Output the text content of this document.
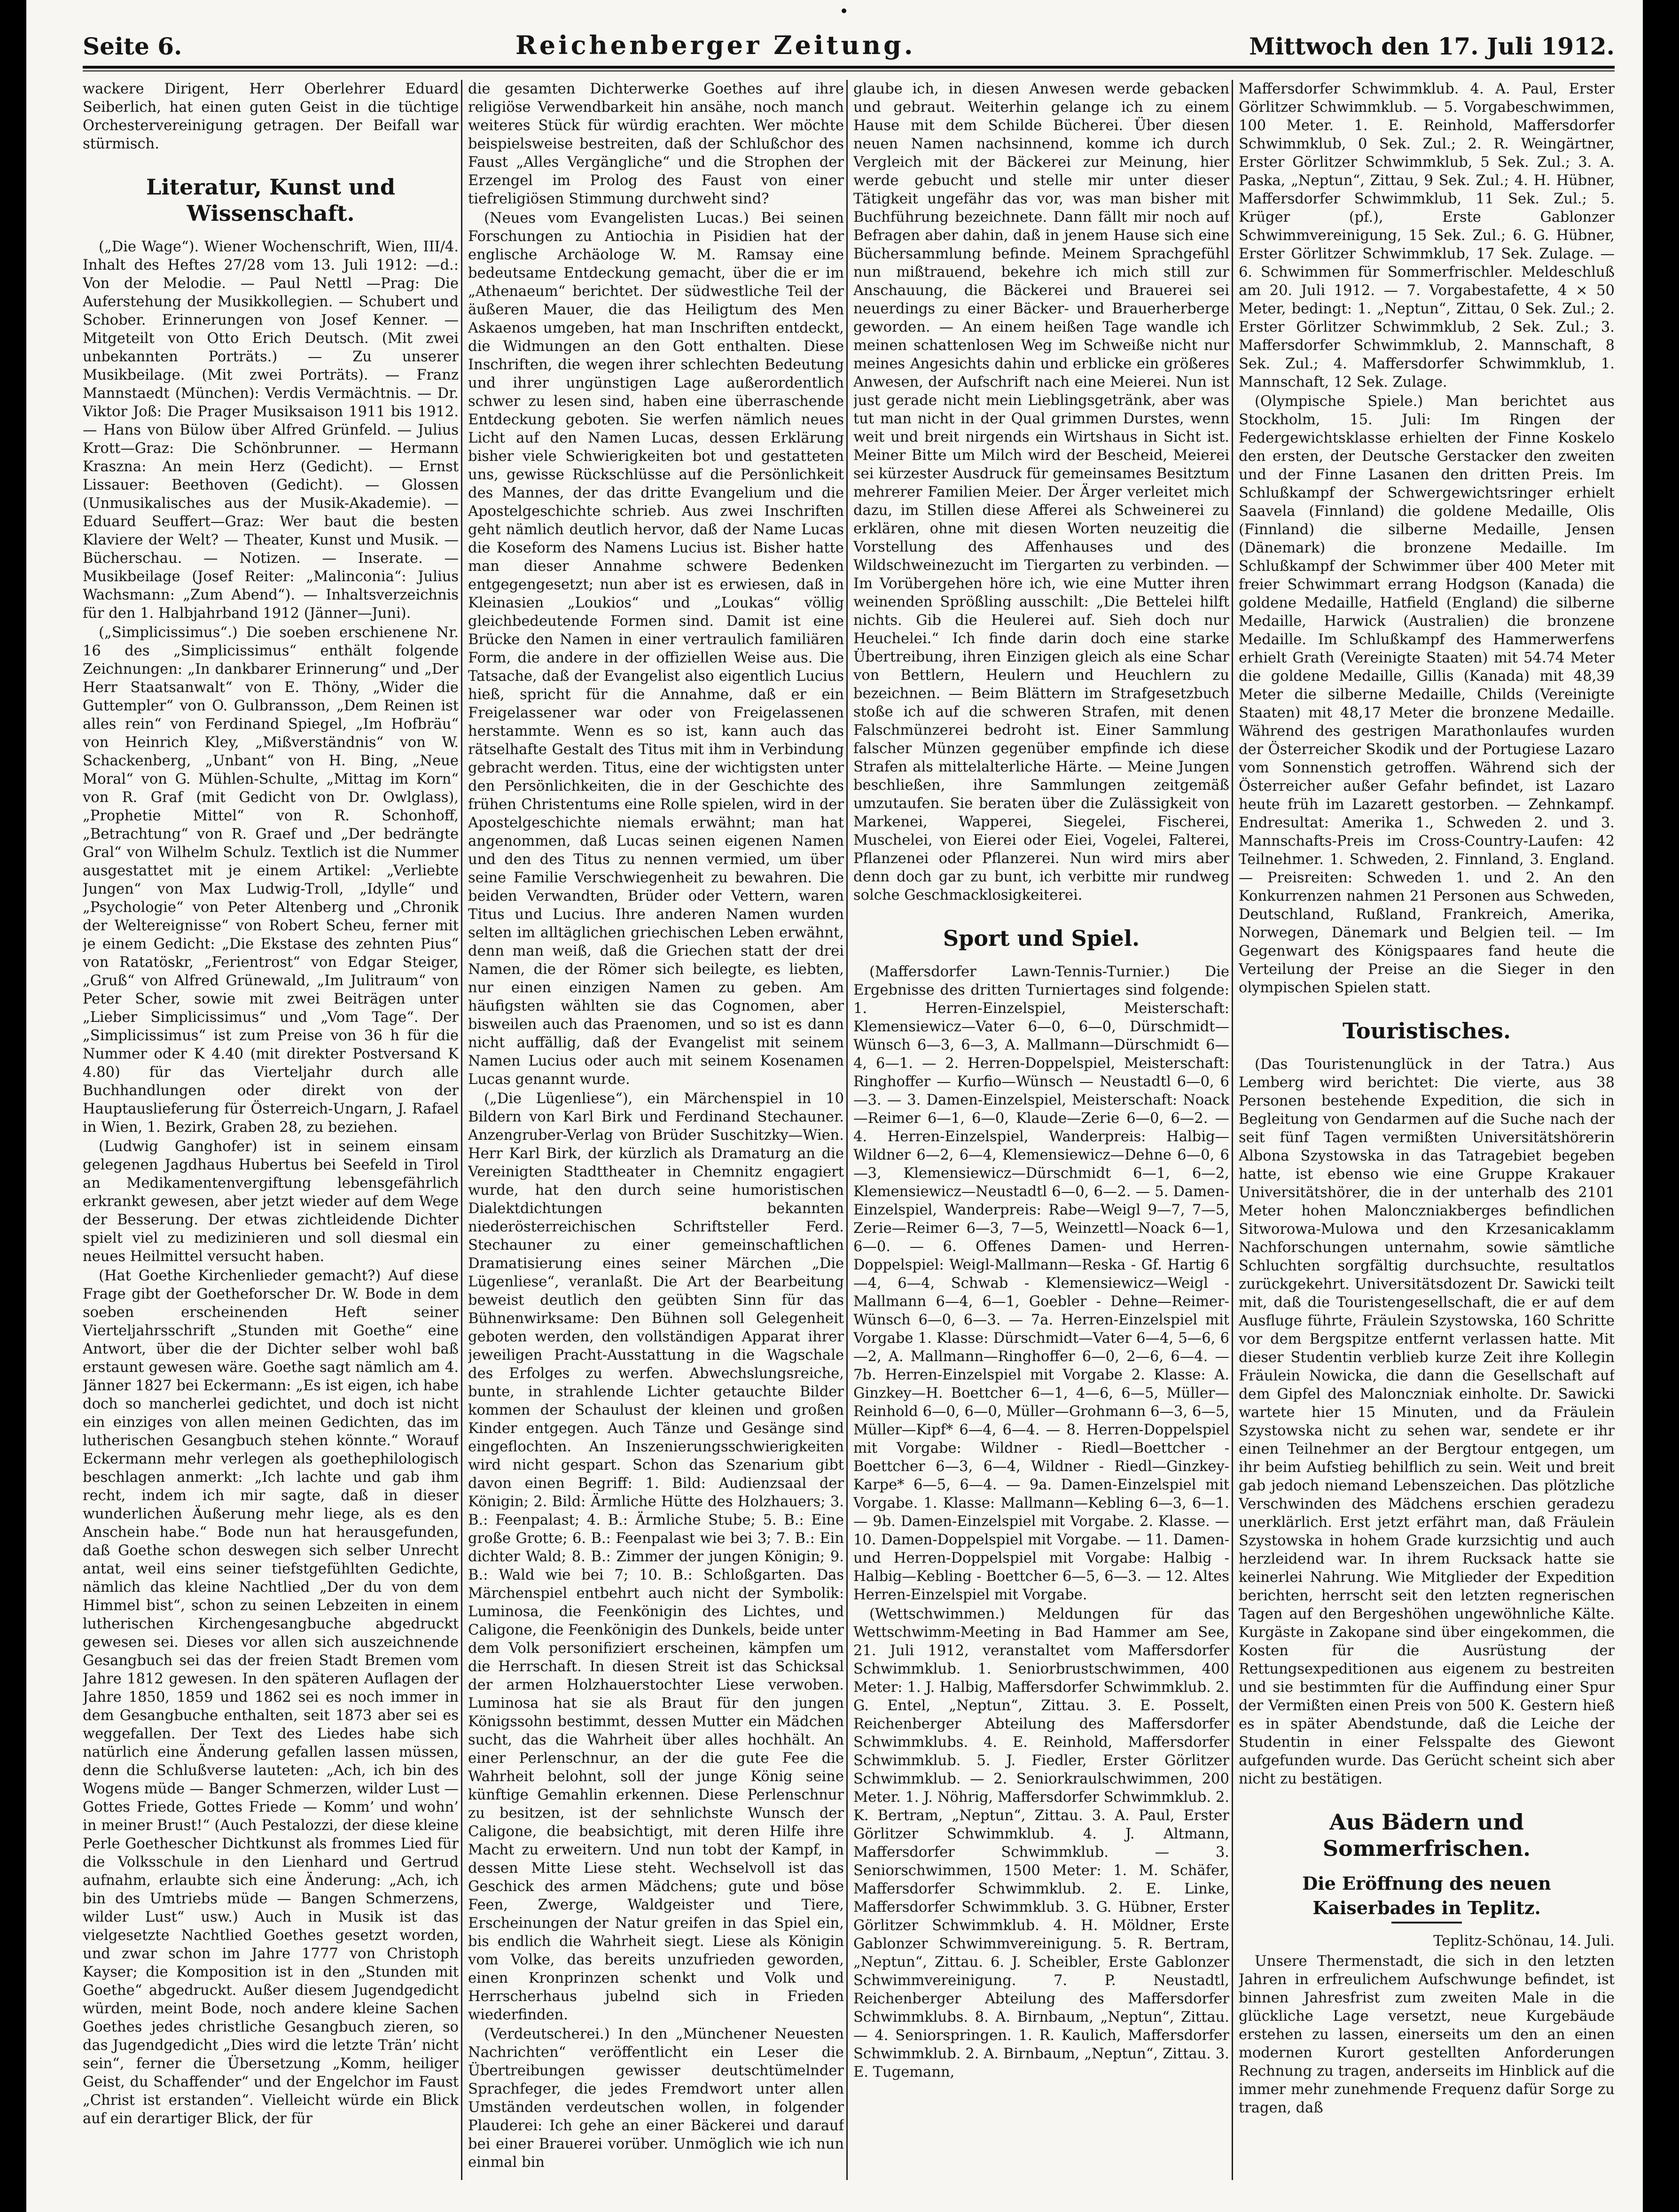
Seite 6.	Reichenberger Zeitung.	Mittwoch den 17. Juli 1912.

wackere Dirigent, Herr Oberlehrer Eduard Seiberlich, hat einen guten Geist in die tüchtige Orchestervereinigung getragen. Der Beifall war stürmisch.

Literatur, Kunst und Wissenschaft.

(„Die Wage“). Wiener Wochenschrift, Wien, III/4. Inhalt des Heftes 27/28 vom 13. Juli 1912: —d.: Von der Melodie. — Paul Nettl —Prag: Die Auferstehung der Musikkollegien. — Schubert und Schober. Erinnerungen von Josef Kenner. — Mitgeteilt von Otto Erich Deutsch. (Mit zwei unbekannten Porträts.) — Zu unserer Musikbeilage. (Mit zwei Porträts). — Franz Mannstaedt (München): Verdis Vermächtnis. — Dr. Viktor Joß: Die Prager Musiksaison 1911 bis 1912. — Hans von Bülow über Alfred Grünfeld. — Julius Krott—Graz: Die Schönbrunner. — Hermann Kraszna: An mein Herz (Gedicht). — Ernst Lissauer: Beethoven (Gedicht). — Glossen (Unmusikalisches aus der Musik-Akademie). — Eduard Seuffert—Graz: Wer baut die besten Klaviere der Welt? — Theater, Kunst und Musik. — Bücherschau. — Notizen. — Inserate. — Musikbeilage (Josef Reiter: „Malinconia“: Julius Wachsmann: „Zum Abend“). — Inhaltsverzeichnis für den 1. Halbjahrband 1912 (Jänner—Juni).

(„Simplicissimus“.) Die soeben erschienene Nr. 16 des „Simplicissimus“ enthält folgende Zeichnungen: „In dankbarer Erinnerung“ und „Der Herr Staatsanwalt“ von E. Thöny, „Wider die Guttempler“ von O. Gulbransson, „Dem Reinen ist alles rein“ von Ferdinand Spiegel, „Im Hofbräu“ von Heinrich Kley, „Mißverständnis“ von W. Schackenberg, „Unbant“ von H. Bing, „Neue Moral“ von G. Mühlen-Schulte, „Mittag im Korn“ von R. Graf (mit Gedicht von Dr. Owlglass), „Prophetie Mittel“ von R. Schonhoff, „Betrachtung“ von R. Graef und „Der bedrängte Gral“ von Wilhelm Schulz. Textlich ist die Nummer ausgestattet mit je einem Artikel: „Verliebte Jungen“ von Max Ludwig-Troll, „Idylle“ und „Psychologie“ von Peter Altenberg und „Chronik der Weltereignisse“ von Robert Scheu, ferner mit je einem Gedicht: „Die Ekstase des zehnten Pius“ von Ratatöskr, „Ferientrost“ von Edgar Steiger, „Gruß“ von Alfred Grünewald, „Im Julitraum“ von Peter Scher, sowie mit zwei Beiträgen unter „Lieber Simplicissimus“ und „Vom Tage“. Der „Simplicissimus“ ist zum Preise von 36 h für die Nummer oder K 4.40 (mit direkter Postversand K 4.80) für das Vierteljahr durch alle Buchhandlungen oder direkt von der Hauptauslieferung für Österreich-Ungarn, J. Rafael in Wien, 1. Bezirk, Graben 28, zu beziehen.

(Ludwig Ganghofer) ist in seinem einsam gelegenen Jagdhaus Hubertus bei Seefeld in Tirol an Medikamentenvergiftung lebensgefährlich erkrankt gewesen, aber jetzt wieder auf dem Wege der Besserung. Der etwas zichtleidende Dichter spielt viel zu medizinieren und soll diesmal ein neues Heilmittel versucht haben.

(Hat Goethe Kirchenlieder gemacht?) Auf diese Frage gibt der Goetheforscher Dr. W. Bode in dem soeben erscheinenden Heft seiner Vierteljahrsschrift „Stunden mit Goethe“ eine Antwort, über die der Dichter selber wohl baß erstaunt gewesen wäre. Goethe sagt nämlich am 4. Jänner 1827 bei Eckermann: „Es ist eigen, ich habe doch so mancherlei gedichtet, und doch ist nicht ein einziges von allen meinen Gedichten, das im lutherischen Gesangbuch stehen könnte.“ Worauf Eckermann mehr verlegen als goethephilologisch beschlagen anmerkt: „Ich lachte und gab ihm recht, indem ich mir sagte, daß in dieser wunderlichen Äußerung mehr liege, als es den Anschein habe.“ Bode nun hat herausgefunden, daß Goethe schon deswegen sich selber Unrecht antat, weil eins seiner tiefstgefühlten Gedichte, nämlich das kleine Nachtlied „Der du von dem Himmel bist“, schon zu seinen Lebzeiten in einem lutherischen Kirchengesangbuche abgedruckt gewesen sei. Dieses vor allen sich auszeichnende Gesangbuch sei das der freien Stadt Bremen vom Jahre 1812 gewesen. In den späteren Auflagen der Jahre 1850, 1859 und 1862 sei es noch immer in dem Gesangbuche enthalten, seit 1873 aber sei es weggefallen. Der Text des Liedes habe sich natürlich eine Änderung gefallen lassen müssen, denn die Schlußverse lauteten: „Ach, ich bin des Wogens müde — Banger Schmerzen, wilder Lust — Gottes Friede, Gottes Friede — Komm’ und wohn’ in meiner Brust!“ (Auch Pestalozzi, der diese kleine Perle Goethescher Dichtkunst als frommes Lied für die Volksschule in den Lienhard und Gertrud aufnahm, erlaubte sich eine Änderung: „Ach, ich bin des Umtriebs müde — Bangen Schmerzens, wilder Lust“ usw.) Auch in Musik ist das vielgesetzte Nachtlied Goethes gesetzt worden, und zwar schon im Jahre 1777 von Christoph Kayser; die Komposition ist in den „Stunden mit Goethe“ abgedruckt. Außer diesem Jugendgedicht würden, meint Bode, noch andere kleine Sachen Goethes jedes christliche Gesangbuch zieren, so das Jugendgedicht „Dies wird die letzte Trän’ nicht sein“, ferner die Übersetzung „Komm, heiliger Geist, du Schaffender“ und der Engelchor im Faust „Christ ist erstanden“. Vielleicht würde ein Blick auf ein derartiger Blick, der für

die gesamten Dichterwerke Goethes auf ihre religiöse Verwendbarkeit hin ansähe, noch manch weiteres Stück für würdig erachten. Wer möchte beispielsweise bestreiten, daß der Schlußchor des Faust „Alles Vergängliche“ und die Strophen der Erzengel im Prolog des Faust von einer tiefreligiösen Stimmung durchweht sind?

(Neues vom Evangelisten Lucas.) Bei seinen Forschungen zu Antiochia in Pisidien hat der englische Archäologe W. M. Ramsay eine bedeutsame Entdeckung gemacht, über die er im „Athenaeum“ berichtet. Der südwestliche Teil der äußeren Mauer, die das Heiligtum des Men Askaenos umgeben, hat man Inschriften entdeckt, die Widmungen an den Gott enthalten. Diese Inschriften, die wegen ihrer schlechten Bedeutung und ihrer ungünstigen Lage außerordentlich schwer zu lesen sind, haben eine überraschende Entdeckung geboten. Sie werfen nämlich neues Licht auf den Namen Lucas, dessen Erklärung bisher viele Schwierigkeiten bot und gestatteten uns, gewisse Rückschlüsse auf die Persönlichkeit des Mannes, der das dritte Evangelium und die Apostelgeschichte schrieb. Aus zwei Inschriften geht nämlich deutlich hervor, daß der Name Lucas die Koseform des Namens Lucius ist. Bisher hatte man dieser Annahme schwere Bedenken entgegengesetzt; nun aber ist es erwiesen, daß in Kleinasien „Loukios“ und „Loukas“ völlig gleichbedeutende Formen sind. Damit ist eine Brücke den Namen in einer vertraulich familiären Form, die andere in der offiziellen Weise aus. Die Tatsache, daß der Evangelist also eigentlich Lucius hieß, spricht für die Annahme, daß er ein Freigelassener war oder von Freigelassenen herstammte. Wenn es so ist, kann auch das rätselhafte Gestalt des Titus mit ihm in Verbindung gebracht werden. Titus, eine der wichtigsten unter den Persönlichkeiten, die in der Geschichte des frühen Christentums eine Rolle spielen, wird in der Apostelgeschichte niemals erwähnt; man hat angenommen, daß Lucas seinen eigenen Namen und den des Titus zu nennen vermied, um über seine Familie Verschwiegenheit zu bewahren. Die beiden Verwandten, Brüder oder Vettern, waren Titus und Lucius. Ihre anderen Namen wurden selten im alltäglichen griechischen Leben erwähnt, denn man weiß, daß die Griechen statt der drei Namen, die der Römer sich beilegte, es liebten, nur einen einzigen Namen zu geben. Am häufigsten wählten sie das Cognomen, aber bisweilen auch das Praenomen, und so ist es dann nicht auffällig, daß der Evangelist mit seinem Namen Lucius oder auch mit seinem Kosenamen Lucas genannt wurde.

(„Die Lügenliese“), ein Märchenspiel in 10 Bildern von Karl Birk und Ferdinand Stechauner. Anzengruber-Verlag von Brüder Suschitzky—Wien. Herr Karl Birk, der kürzlich als Dramaturg an die Vereinigten Stadttheater in Chemnitz engagiert wurde, hat den durch seine humoristischen Dialektdichtungen bekannten niederösterreichischen Schriftsteller Ferd. Stechauner zu einer gemeinschaftlichen Dramatisierung eines seiner Märchen „Die Lügenliese“, veranlaßt. Die Art der Bearbeitung beweist deutlich den geübten Sinn für das Bühnenwirksame: Den Bühnen soll Gelegenheit geboten werden, den vollständigen Apparat ihrer jeweiligen Pracht-Ausstattung in die Wagschale des Erfolges zu werfen. Abwechslungsreiche, bunte, in strahlende Lichter getauchte Bilder kommen der Schaulust der kleinen und großen Kinder entgegen. Auch Tänze und Gesänge sind eingeflochten. An Inszenierungsschwierigkeiten wird nicht gespart. Schon das Szenarium gibt davon einen Begriff: 1. Bild: Audienzsaal der Königin; 2. Bild: Ärmliche Hütte des Holzhauers; 3. B.: Feenpalast; 4. B.: Ärmliche Stube; 5. B.: Eine große Grotte; 6. B.: Feenpalast wie bei 3; 7. B.: Ein dichter Wald; 8. B.: Zimmer der jungen Königin; 9. B.: Wald wie bei 7; 10. B.: Schloßgarten. Das Märchenspiel entbehrt auch nicht der Symbolik: Luminosa, die Feenkönigin des Lichtes, und Caligone, die Feenkönigin des Dunkels, beide unter dem Volk personifiziert erscheinen, kämpfen um die Herrschaft. In diesen Streit ist das Schicksal der armen Holzhauerstochter Liese verwoben. Luminosa hat sie als Braut für den jungen Königssohn bestimmt, dessen Mutter ein Mädchen sucht, das die Wahrheit über alles hochhält. An einer Perlenschnur, an der die gute Fee die Wahrheit belohnt, soll der junge König seine künftige Gemahlin erkennen. Diese Perlenschnur zu besitzen, ist der sehnlichste Wunsch der Caligone, die beabsichtigt, mit deren Hilfe ihre Macht zu erweitern. Und nun tobt der Kampf, in dessen Mitte Liese steht. Wechselvoll ist das Geschick des armen Mädchens; gute und böse Feen, Zwerge, Waldgeister und Tiere, Erscheinungen der Natur greifen in das Spiel ein, bis endlich die Wahrheit siegt. Liese als Königin vom Volke, das bereits unzufrieden geworden, einen Kronprinzen schenkt und Volk und Herrscherhaus jubelnd sich in Frieden wiederfinden.

(Verdeutscherei.) In den „Münchener Neuesten Nachrichten“ veröffentlicht ein Leser die Übertreibungen gewisser deutschtümelnder Sprachfeger, die jedes Fremdwort unter allen Umständen verdeutschen wollen, in folgender Plauderei: Ich gehe an einer Bäckerei und darauf bei einer Brauerei vorüber. Unmöglich wie ich nun einmal bin

glaube ich, in diesen Anwesen werde gebacken und gebraut. Weiterhin gelange ich zu einem Hause mit dem Schilde Bücherei. Über diesen neuen Namen nachsinnend, komme ich durch Vergleich mit der Bäckerei zur Meinung, hier werde gebucht und stelle mir unter dieser Tätigkeit ungefähr das vor, was man bisher mit Buchführung bezeichnete. Dann fällt mir noch auf Befragen aber dahin, daß in jenem Hause sich eine Büchersammlung befinde. Meinem Sprachgefühl nun mißtrauend, bekehre ich mich still zur Anschauung, die Bäckerei und Brauerei sei neuerdings zu einer Bäcker- und Brauerherberge geworden. — An einem heißen Tage wandle ich meinen schattenlosen Weg im Schweiße nicht nur meines Angesichts dahin und erblicke ein größeres Anwesen, der Aufschrift nach eine Meierei. Nun ist just gerade nicht mein Lieblingsgetränk, aber was tut man nicht in der Qual grimmen Durstes, wenn weit und breit nirgends ein Wirtshaus in Sicht ist. Meiner Bitte um Milch wird der Bescheid, Meierei sei kürzester Ausdruck für gemeinsames Besitztum mehrerer Familien Meier. Der Ärger verleitet mich dazu, im Stillen diese Afferei als Schweinerei zu erklären, ohne mit diesen Worten neuzeitig die Vorstellung des Affenhauses und des Wildschweinezucht im Tiergarten zu verbinden. — Im Vorübergehen höre ich, wie eine Mutter ihren weinenden Sprößling ausschilt: „Die Bettelei hilft nichts. Gib die Heulerei auf. Sieh doch nur Heuchelei.“ Ich finde darin doch eine starke Übertreibung, ihren Einzigen gleich als eine Schar von Bettlern, Heulern und Heuchlern zu bezeichnen. — Beim Blättern im Strafgesetzbuch stoße ich auf die schweren Strafen, mit denen Falschmünzerei bedroht ist. Einer Sammlung falscher Münzen gegenüber empfinde ich diese Strafen als mittelalterliche Härte. — Meine Jungen beschließen, ihre Sammlungen zeitgemäß umzutaufen. Sie beraten über die Zulässigkeit von Markenei, Wapperei, Siegelei, Fischerei, Muschelei, von Eierei oder Eiei, Vogelei, Falterei, Pflanzenei oder Pflanzerei. Nun wird mirs aber denn doch gar zu bunt, ich verbitte mir rundweg solche Geschmacklosigkeiterei.

Sport und Spiel.

(Maffersdorfer Lawn-Tennis-Turnier.) Die Ergebnisse des dritten Turniertages sind folgende: 1. Herren-Einzelspiel, Meisterschaft: Klemensiewicz—Vater 6—0, 6—0, Dürschmidt—Wünsch 6—3, 6—3, A. Mallmann—Dürschmidt 6—4, 6—1. — 2. Herren-Doppelspiel, Meisterschaft: Ringhoffer — Kurfio—Wünsch — Neustadtl 6—0, 6—3. — 3. Damen-Einzelspiel, Meisterschaft: Noack—Reimer 6—1, 6—0, Klaude—Zerie 6—0, 6—2. — 4. Herren-Einzelspiel, Wanderpreis: Halbig—Wildner 6—2, 6—4, Klemensiewicz—Dehne 6—0, 6—3, Klemensiewicz—Dürschmidt 6—1, 6—2, Klemensiewicz—Neustadtl 6—0, 6—2. — 5. Damen-Einzelspiel, Wanderpreis: Rabe—Weigl 9—7, 7—5, Zerie—Reimer 6—3, 7—5, Weinzettl—Noack 6—1, 6—0. — 6. Offenes Damen- und Herren-Doppelspiel: Weigl-Mallmann—Reska - Gf. Hartig 6—4, 6—4, Schwab - Klemensiewicz—Weigl - Mallmann 6—4, 6—1, Goebler - Dehne—Reimer-Wünsch 6—0, 6—3. — 7a. Herren-Einzelspiel mit Vorgabe 1. Klasse: Dürschmidt—Vater 6—4, 5—6, 6—2, A. Mallmann—Ringhoffer 6—0, 2—6, 6—4. — 7b. Herren-Einzelspiel mit Vorgabe 2. Klasse: A. Ginzkey—H. Boettcher 6—1, 4—6, 6—5, Müller—Reinhold 6—0, 6—0, Müller—Grohmann 6—3, 6—5, Müller—Kipf* 6—4, 6—4. — 8. Herren-Doppelspiel mit Vorgabe: Wildner - Riedl—Boettcher - Boettcher 6—3, 6—4, Wildner - Riedl—Ginzkey-Karpe* 6—5, 6—4. — 9a. Damen-Einzelspiel mit Vorgabe. 1. Klasse: Mallmann—Kebling 6—3, 6—1. — 9b. Damen-Einzelspiel mit Vorgabe. 2. Klasse. — 10. Damen-Doppelspiel mit Vorgabe. — 11. Damen- und Herren-Doppelspiel mit Vorgabe: Halbig - Halbig—Kebling - Boettcher 6—5, 6—3. — 12. Altes Herren-Einzelspiel mit Vorgabe.

(Wettschwimmen.) Meldungen für das Wettschwimm-Meeting in Bad Hammer am See, 21. Juli 1912, veranstaltet vom Maffersdorfer Schwimmklub. 1. Seniorbrustschwimmen, 400 Meter: 1. J. Halbig, Maffersdorfer Schwimmklub. 2. G. Entel, „Neptun“, Zittau. 3. E. Posselt, Reichenberger Abteilung des Maffersdorfer Schwimmklubs. 4. E. Reinhold, Maffersdorfer Schwimmklub. 5. J. Fiedler, Erster Görlitzer Schwimmklub. — 2. Seniorkraulschwimmen, 200 Meter. 1. J. Nöhrig, Maffersdorfer Schwimmklub. 2. K. Bertram, „Neptun“, Zittau. 3. A. Paul, Erster Görlitzer Schwimmklub. 4. J. Altmann, Maffersdorfer Schwimmklub. — 3. Seniorschwimmen, 1500 Meter: 1. M. Schäfer, Maffersdorfer Schwimmklub. 2. E. Linke, Maffersdorfer Schwimmklub. 3. G. Hübner, Erster Görlitzer Schwimmklub. 4. H. Möldner, Erste Gablonzer Schwimmvereinigung. 5. R. Bertram, „Neptun“, Zittau. 6. J. Scheibler, Erste Gablonzer Schwimmvereinigung. 7. P. Neustadtl, Reichenberger Abteilung des Maffersdorfer Schwimmklubs. 8. A. Birnbaum, „Neptun“, Zittau. — 4. Seniorspringen. 1. R. Kaulich, Maffersdorfer Schwimmklub. 2. A. Birnbaum, „Neptun“, Zittau. 3. E. Tugemann,

Maffersdorfer Schwimmklub. 4. A. Paul, Erster Görlitzer Schwimmklub. — 5. Vorgabeschwimmen, 100 Meter. 1. E. Reinhold, Maffersdorfer Schwimmklub, 0 Sek. Zul.; 2. R. Weingärtner, Erster Görlitzer Schwimmklub, 5 Sek. Zul.; 3. A. Paska, „Neptun“, Zittau, 9 Sek. Zul.; 4. H. Hübner, Maffersdorfer Schwimmklub, 11 Sek. Zul.; 5. Krüger (pf.), Erste Gablonzer Schwimmvereinigung, 15 Sek. Zul.; 6. G. Hübner, Erster Görlitzer Schwimmklub, 17 Sek. Zulage. — 6. Schwimmen für Sommerfrischler. Meldeschluß am 20. Juli 1912. — 7. Vorgabestafette, 4 × 50 Meter, bedingt: 1. „Neptun“, Zittau, 0 Sek. Zul.; 2. Erster Görlitzer Schwimmklub, 2 Sek. Zul.; 3. Maffersdorfer Schwimmklub, 2. Mannschaft, 8 Sek. Zul.; 4. Maffersdorfer Schwimmklub, 1. Mannschaft, 12 Sek. Zulage.

(Olympische Spiele.) Man berichtet aus Stockholm, 15. Juli: Im Ringen der Federgewichtsklasse erhielten der Finne Koskelo den ersten, der Deutsche Gerstacker den zweiten und der Finne Lasanen den dritten Preis. Im Schlußkampf der Schwergewichtsringer erhielt Saavela (Finnland) die goldene Medaille, Olis (Finnland) die silberne Medaille, Jensen (Dänemark) die bronzene Medaille. Im Schlußkampf der Schwimmer über 400 Meter mit freier Schwimmart errang Hodgson (Kanada) die goldene Medaille, Hatfield (England) die silberne Medaille, Harwick (Australien) die bronzene Medaille. Im Schlußkampf des Hammerwerfens erhielt Grath (Vereinigte Staaten) mit 54.74 Meter die goldene Medaille, Gillis (Kanada) mit 48,39 Meter die silberne Medaille, Childs (Vereinigte Staaten) mit 48,17 Meter die bronzene Medaille. Während des gestrigen Marathonlaufes wurden der Österreicher Skodik und der Portugiese Lazaro vom Sonnenstich getroffen. Während sich der Österreicher außer Gefahr befindet, ist Lazaro heute früh im Lazarett gestorben. — Zehnkampf. Endresultat: Amerika 1., Schweden 2. und 3. Mannschafts-Preis im Cross-Country-Laufen: 42 Teilnehmer. 1. Schweden, 2. Finnland, 3. England. — Preisreiten: Schweden 1. und 2. An den Konkurrenzen nahmen 21 Personen aus Schweden, Deutschland, Rußland, Frankreich, Amerika, Norwegen, Dänemark und Belgien teil. — Im Gegenwart des Königspaares fand heute die Verteilung der Preise an die Sieger in den olympischen Spielen statt.

Touristisches.

(Das Touristenunglück in der Tatra.) Aus Lemberg wird berichtet: Die vierte, aus 38 Personen bestehende Expedition, die sich in Begleitung von Gendarmen auf die Suche nach der seit fünf Tagen vermißten Universitätshörerin Albona Szystowska in das Tatragebiet begeben hatte, ist ebenso wie eine Gruppe Krakauer Universitätshörer, die in der unterhalb des 2101 Meter hohen Malonczniakberges befindlichen Sitworowa-Mulowa und den Krzesanicaklamm Nachforschungen unternahm, sowie sämtliche Schluchten sorgfältig durchsuchte, resultatlos zurückgekehrt. Universitätsdozent Dr. Sawicki teilt mit, daß die Touristengesellschaft, die er auf dem Ausfluge führte, Fräulein Szystowska, 160 Schritte vor dem Bergspitze entfernt verlassen hatte. Mit dieser Studentin verblieb kurze Zeit ihre Kollegin Fräulein Nowicka, die dann die Gesellschaft auf dem Gipfel des Malonczniak einholte. Dr. Sawicki wartete hier 15 Minuten, und da Fräulein Szystowska nicht zu sehen war, sendete er ihr einen Teilnehmer an der Bergtour entgegen, um ihr beim Aufstieg behilflich zu sein. Weit und breit gab jedoch niemand Lebenszeichen. Das plötzliche Verschwinden des Mädchens erschien geradezu unerklärlich. Erst jetzt erfährt man, daß Fräulein Szystowska in hohem Grade kurzsichtig und auch herzleidend war. In ihrem Rucksack hatte sie keinerlei Nahrung. Wie Mitglieder der Expedition berichten, herrscht seit den letzten regnerischen Tagen auf den Bergeshöhen ungewöhnliche Kälte. Kurgäste in Zakopane sind über eingekommen, die Kosten für die Ausrüstung der Rettungsexpeditionen aus eigenem zu bestreiten und sie bestimmten für die Auffindung einer Spur der Vermißten einen Preis von 500 K. Gestern hieß es in später Abendstunde, daß die Leiche der Studentin in einer Felsspalte des Giewont aufgefunden wurde. Das Gerücht scheint sich aber nicht zu bestätigen.

Aus Bädern und Sommerfrischen.
Die Eröffnung des neuen
Kaiserbades in Teplitz.

Teplitz-Schönau, 14. Juli.

Unsere Thermenstadt, die sich in den letzten Jahren in erfreulichem Aufschwunge befindet, ist binnen Jahresfrist zum zweiten Male in die glückliche Lage versetzt, neue Kurgebäude erstehen zu lassen, einerseits um den an einen modernen Kurort gestellten Anforderungen Rechnung zu tragen, anderseits im Hinblick auf die immer mehr zunehmende Frequenz dafür Sorge zu tragen, daß
